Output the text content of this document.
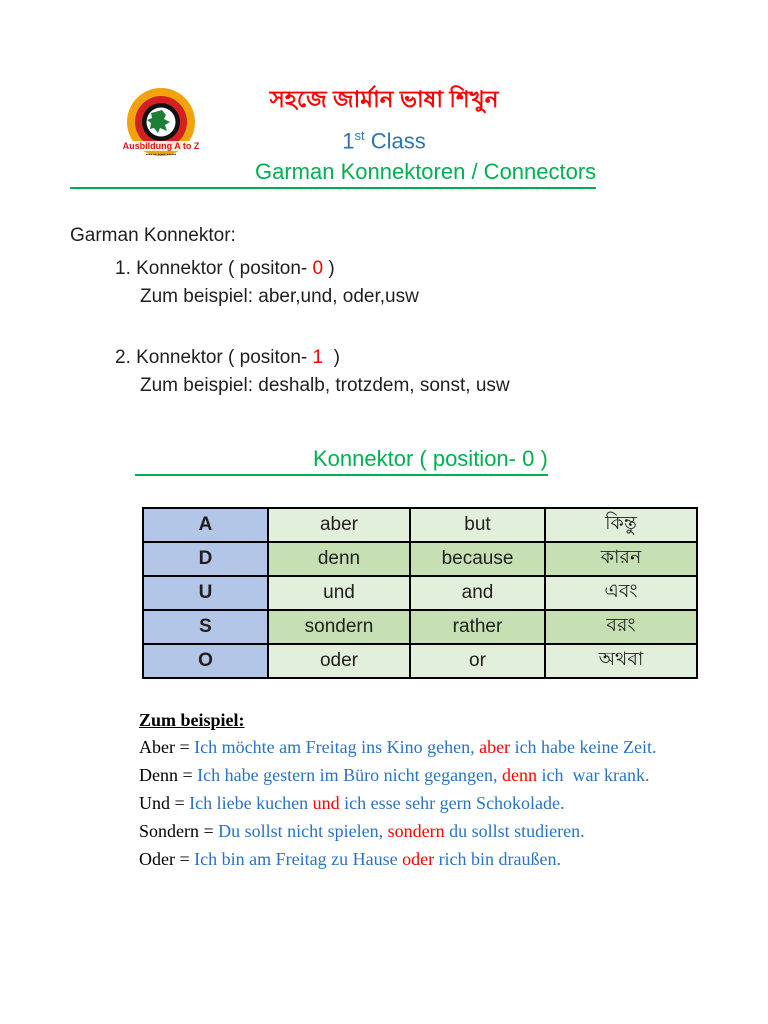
Ausbildung A to Z
•••• •• ••••• ••••••
সহজে জার্মান ভাষা শিখুন
1st Class
Garman Konnektoren / Connectors
Garman Konnektor:
1. Konnektor ( positon- 0 )
Zum beispiel: aber,und, oder,usw
2. Konnektor ( positon- 1  )
Zum beispiel: deshalb, trotzdem, sonst, usw
Konnektor ( position- 0 )
A	aber	but	কিন্তু
D	denn	because	কারন
U	und	and	এবং
S	sondern	rather	বরং
O	oder	or	অথবা
Zum beispiel:
Aber = Ich möchte am Freitag ins Kino gehen, aber ich habe keine Zeit.
Denn = Ich habe gestern im Büro nicht gegangen, denn ich  war krank.
Und = Ich liebe kuchen und ich esse sehr gern Schokolade.
Sondern = Du sollst nicht spielen, sondern du sollst studieren.
Oder = Ich bin am Freitag zu Hause oder rich bin draußen.
